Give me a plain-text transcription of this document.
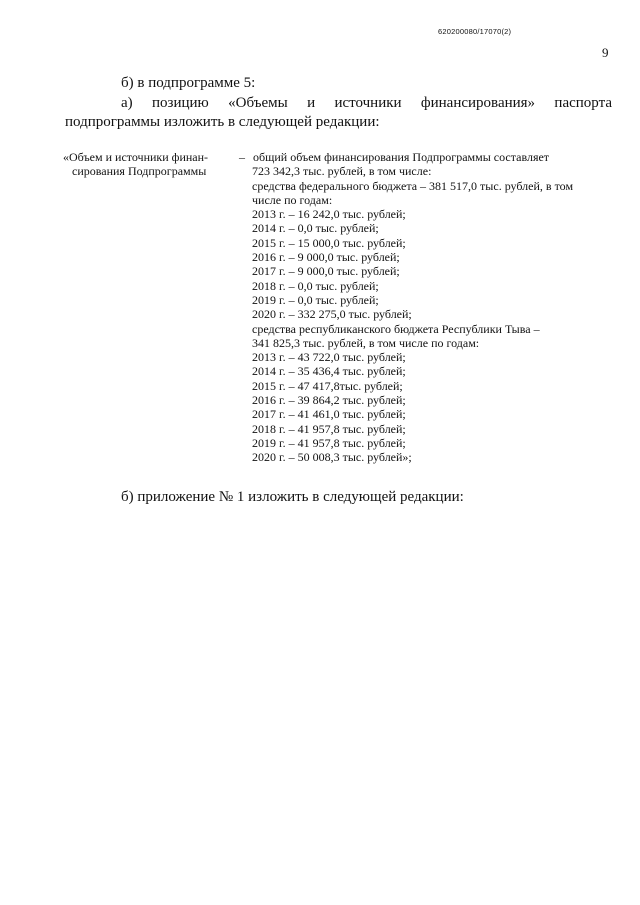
620200080/17070(2)
9
б) в подпрограмме 5:
а) позицию «Объемы и источники финансирования» паспорта подпрограммы изложить в следующей редакции:
«Объем и источники финан-
сирования Подпрограммы
– общий объем финансирования Подпрограммы составляет
723 342,3 тыс. рублей, в том числе:
средства федерального бюджета – 381 517,0 тыс. рублей, в том
числе по годам:
2013 г. – 16 242,0 тыс. рублей;
2014 г. – 0,0 тыс. рублей;
2015 г. – 15 000,0 тыс. рублей;
2016 г. – 9 000,0 тыс. рублей;
2017 г. – 9 000,0 тыс. рублей;
2018 г. – 0,0 тыс. рублей;
2019 г. – 0,0 тыс. рублей;
2020 г. – 332 275,0 тыс. рублей;
средства республиканского бюджета Республики Тыва –
341 825,3 тыс. рублей, в том числе по годам:
2013 г. – 43 722,0 тыс. рублей;
2014 г. – 35 436,4 тыс. рублей;
2015 г. – 47 417,8тыс. рублей;
2016 г. – 39 864,2 тыс. рублей;
2017 г. – 41 461,0 тыс. рублей;
2018 г. – 41 957,8 тыс. рублей;
2019 г. – 41 957,8 тыс. рублей;
2020 г. – 50 008,3 тыс. рублей»;
б) приложение № 1 изложить в следующей редакции:
